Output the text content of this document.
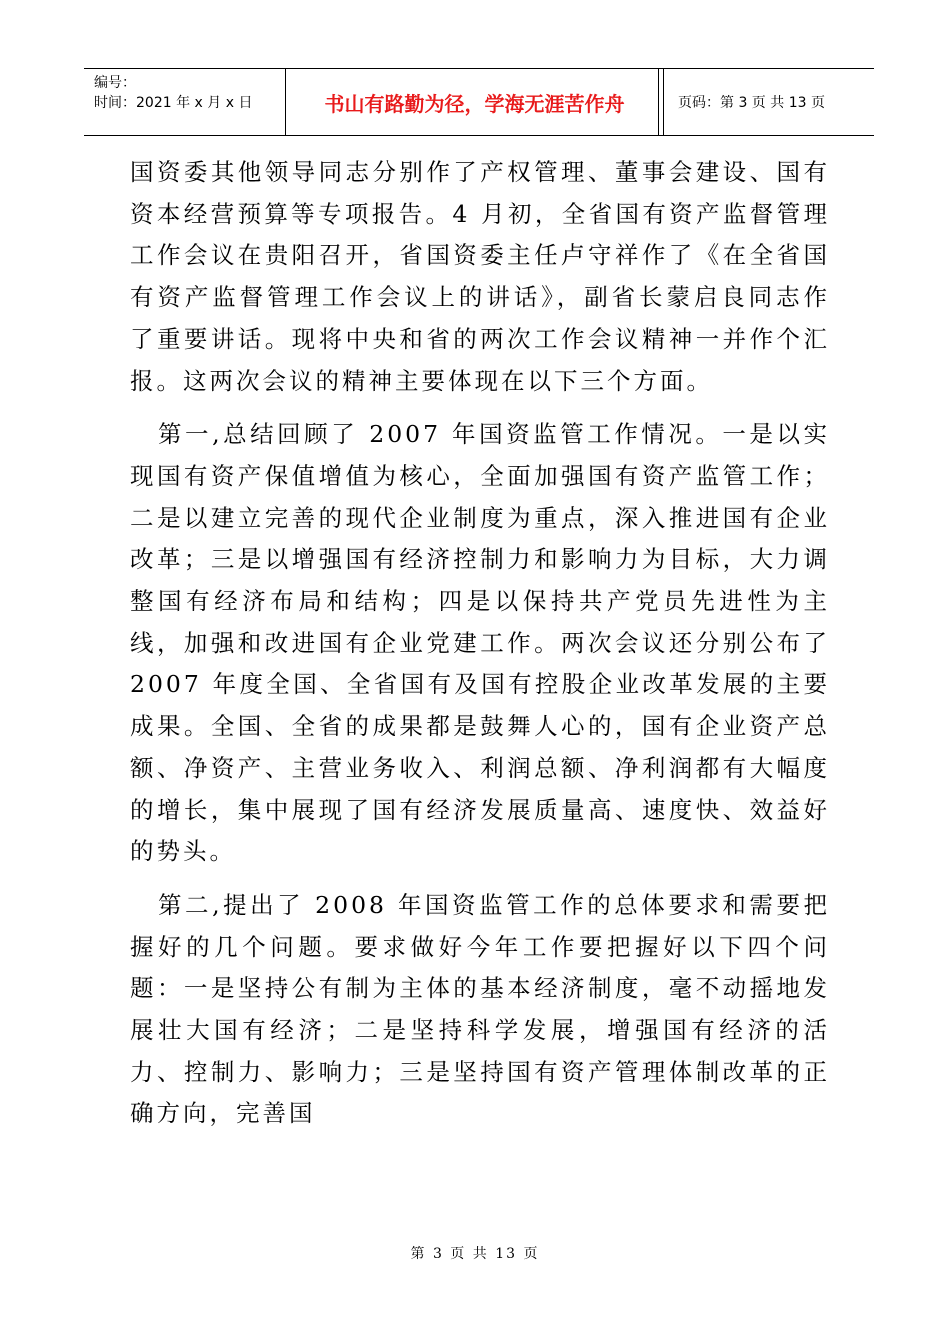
编号：
时间：2021 年 x 月 x 日	书山有路勤为径，学海无涯苦作舟	页码：第 3 页 共 13 页

国资委其他领导同志分别作了产权管理、董事会建设、国有资本经营预算等专项报告。4 月初，全省国有资产监督管理工作会议在贵阳召开，省国资委主任卢守祥作了《在全省国有资产监督管理工作会议上的讲话》，副省长蒙启良同志作了重要讲话。现将中央和省的两次工作会议精神一并作个汇报。这两次会议的精神主要体现在以下三个方面。

第一,总结回顾了 2007 年国资监管工作情况。一是以实现国有资产保值增值为核心，全面加强国有资产监管工作；二是以建立完善的现代企业制度为重点，深入推进国有企业改革；三是以增强国有经济控制力和影响力为目标，大力调整国有经济布局和结构；四是以保持共产党员先进性为主线，加强和改进国有企业党建工作。两次会议还分别公布了 2007 年度全国、全省国有及国有控股企业改革发展的主要成果。全国、全省的成果都是鼓舞人心的，国有企业资产总额、净资产、主营业务收入、利润总额、净利润都有大幅度的增长，集中展现了国有经济发展质量高、速度快、效益好的势头。

第二,提出了 2008 年国资监管工作的总体要求和需要把握好的几个问题。要求做好今年工作要把握好以下四个问题：一是坚持公有制为主体的基本经济制度，毫不动摇地发展壮大国有经济；二是坚持科学发展，增强国有经济的活力、控制力、影响力；三是坚持国有资产管理体制改革的正确方向，完善国

第 3 页 共 13 页
